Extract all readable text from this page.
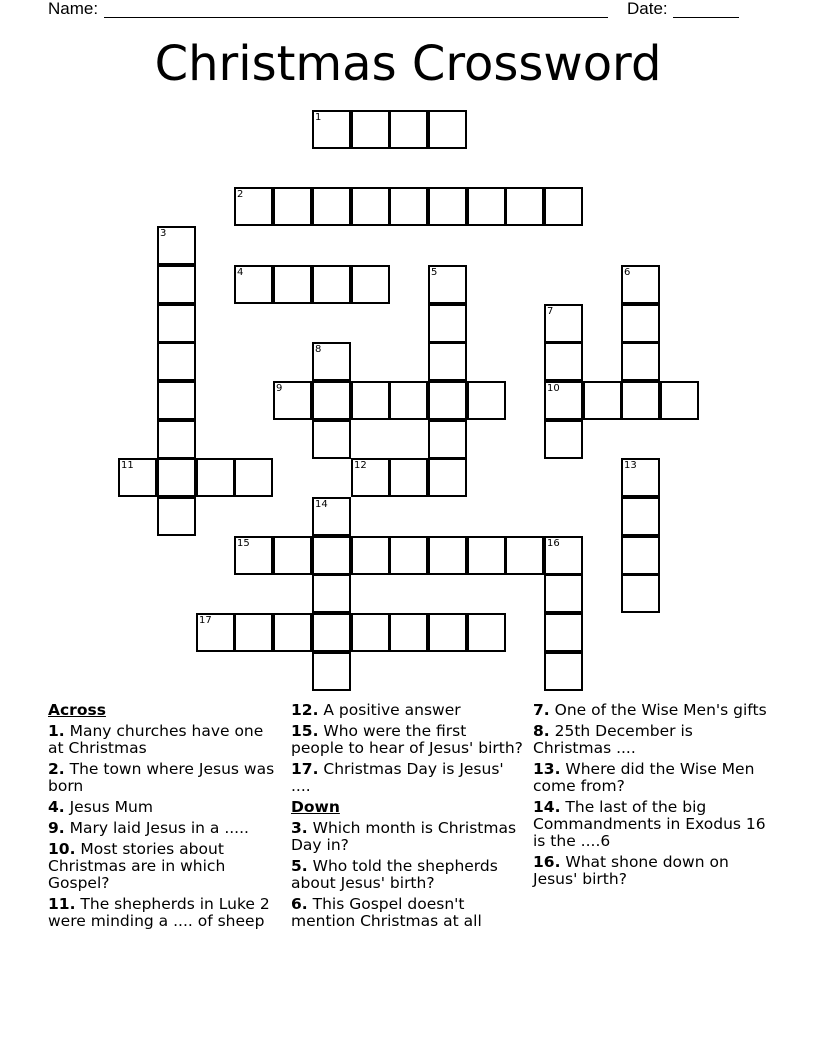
Name:	Date:
Christmas Crossword
1
2
3
4	5	6
7
10
8
9
11	12	13
14
15	16
17
Across
1. Many churches have one at Christmas
2. The town where Jesus was born
4. Jesus Mum
9. Mary laid Jesus in a .....
10. Most stories about Christmas are in which Gospel?
11. The shepherds in Luke 2 were minding a .... of sheep
12. A positive answer
15. Who were the first people to hear of Jesus' birth?
17. Christmas Day is Jesus' ....
Down
3. Which month is Christmas Day in?
5. Who told the shepherds about Jesus' birth?
6. This Gospel doesn't mention Christmas at all
7. One of the Wise Men's gifts
8. 25th December is Christmas ....
13. Where did the Wise Men come from?
14. The last of the big Commandments in Exodus 16 is the ....6
16. What shone down on Jesus' birth?
